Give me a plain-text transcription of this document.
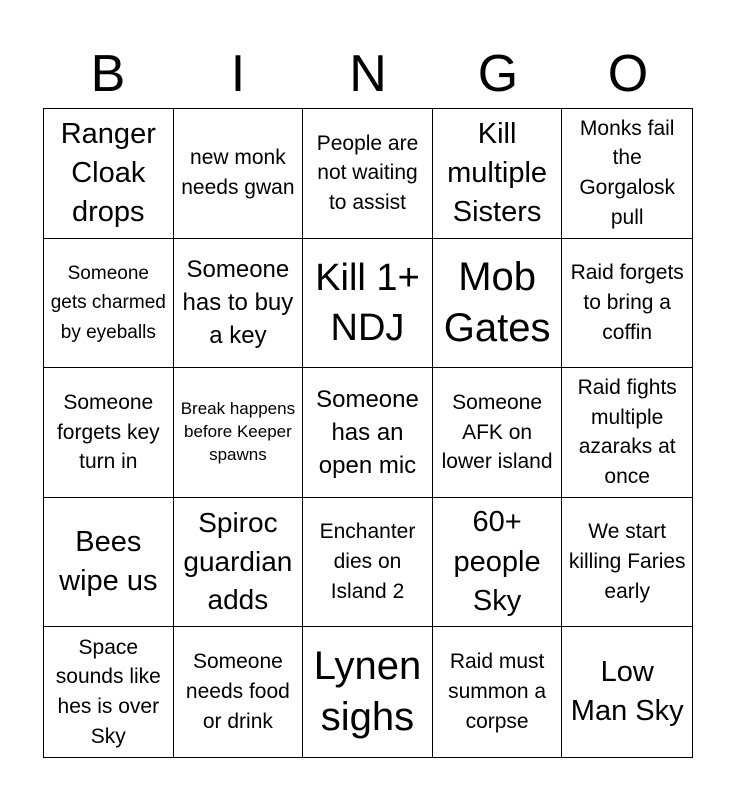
B	I	N	G	O
Ranger Cloak drops
new monk needs gwan
People are not waiting to assist
Kill multiple Sisters
Monks fail the Gorgalosk pull
Someone gets charmed by eyeballs
Someone has to buy a key
Kill 1+ NDJ
Mob Gates
Raid forgets to bring a coffin
Someone forgets key turn in
Break happens before Keeper spawns
Someone has an open mic
Someone AFK on lower island
Raid fights multiple azaraks at once
Bees wipe us
Spiroc guardian adds
Enchanter dies on Island 2
60+ people Sky
We start killing Faries early
Space sounds like hes is over Sky
Someone needs food or drink
Lynen sighs
Raid must summon a corpse
Low Man Sky
